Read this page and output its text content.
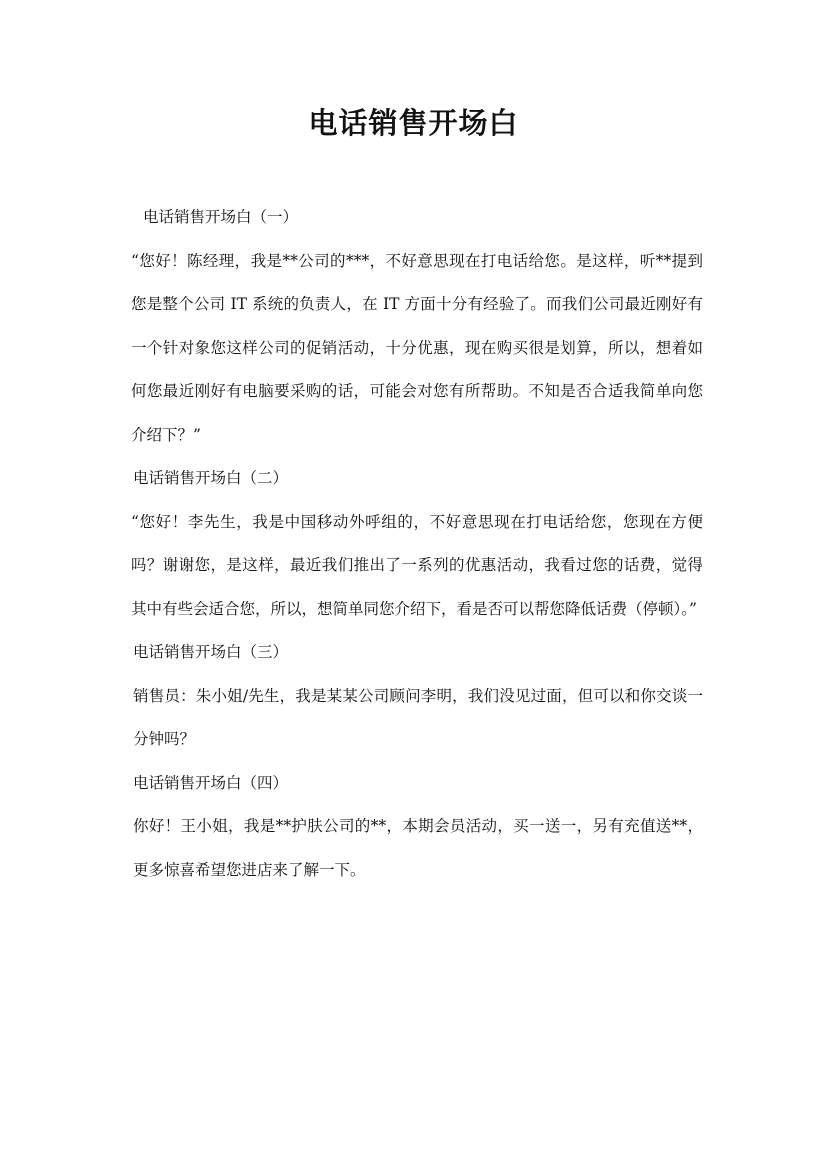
电话销售开场白

电话销售开场白（一）

“您好！陈经理，我是**公司的***，不好意思现在打电话给您。是这样，听**提到您是整个公司 IT 系统的负责人，在 IT 方面十分有经验了。而我们公司最近刚好有一个针对象您这样公司的促销活动，十分优惠，现在购买很是划算，所以，想着如何您最近刚好有电脑要采购的话，可能会对您有所帮助。不知是否合适我简单向您介绍下？”

电话销售开场白（二）

“您好！李先生，我是中国移动外呼组的，不好意思现在打电话给您，您现在方便吗？谢谢您，是这样，最近我们推出了一系列的优惠活动，我看过您的话费，觉得其中有些会适合您，所以，想简单同您介绍下，看是否可以帮您降低话费（停顿）。”

电话销售开场白（三）

销售员：朱小姐/先生，我是某某公司顾问李明，我们没见过面，但可以和你交谈一分钟吗？

电话销售开场白（四）

你好！王小姐，我是**护肤公司的**，本期会员活动，买一送一，另有充值送**，更多惊喜希望您进店来了解一下。
